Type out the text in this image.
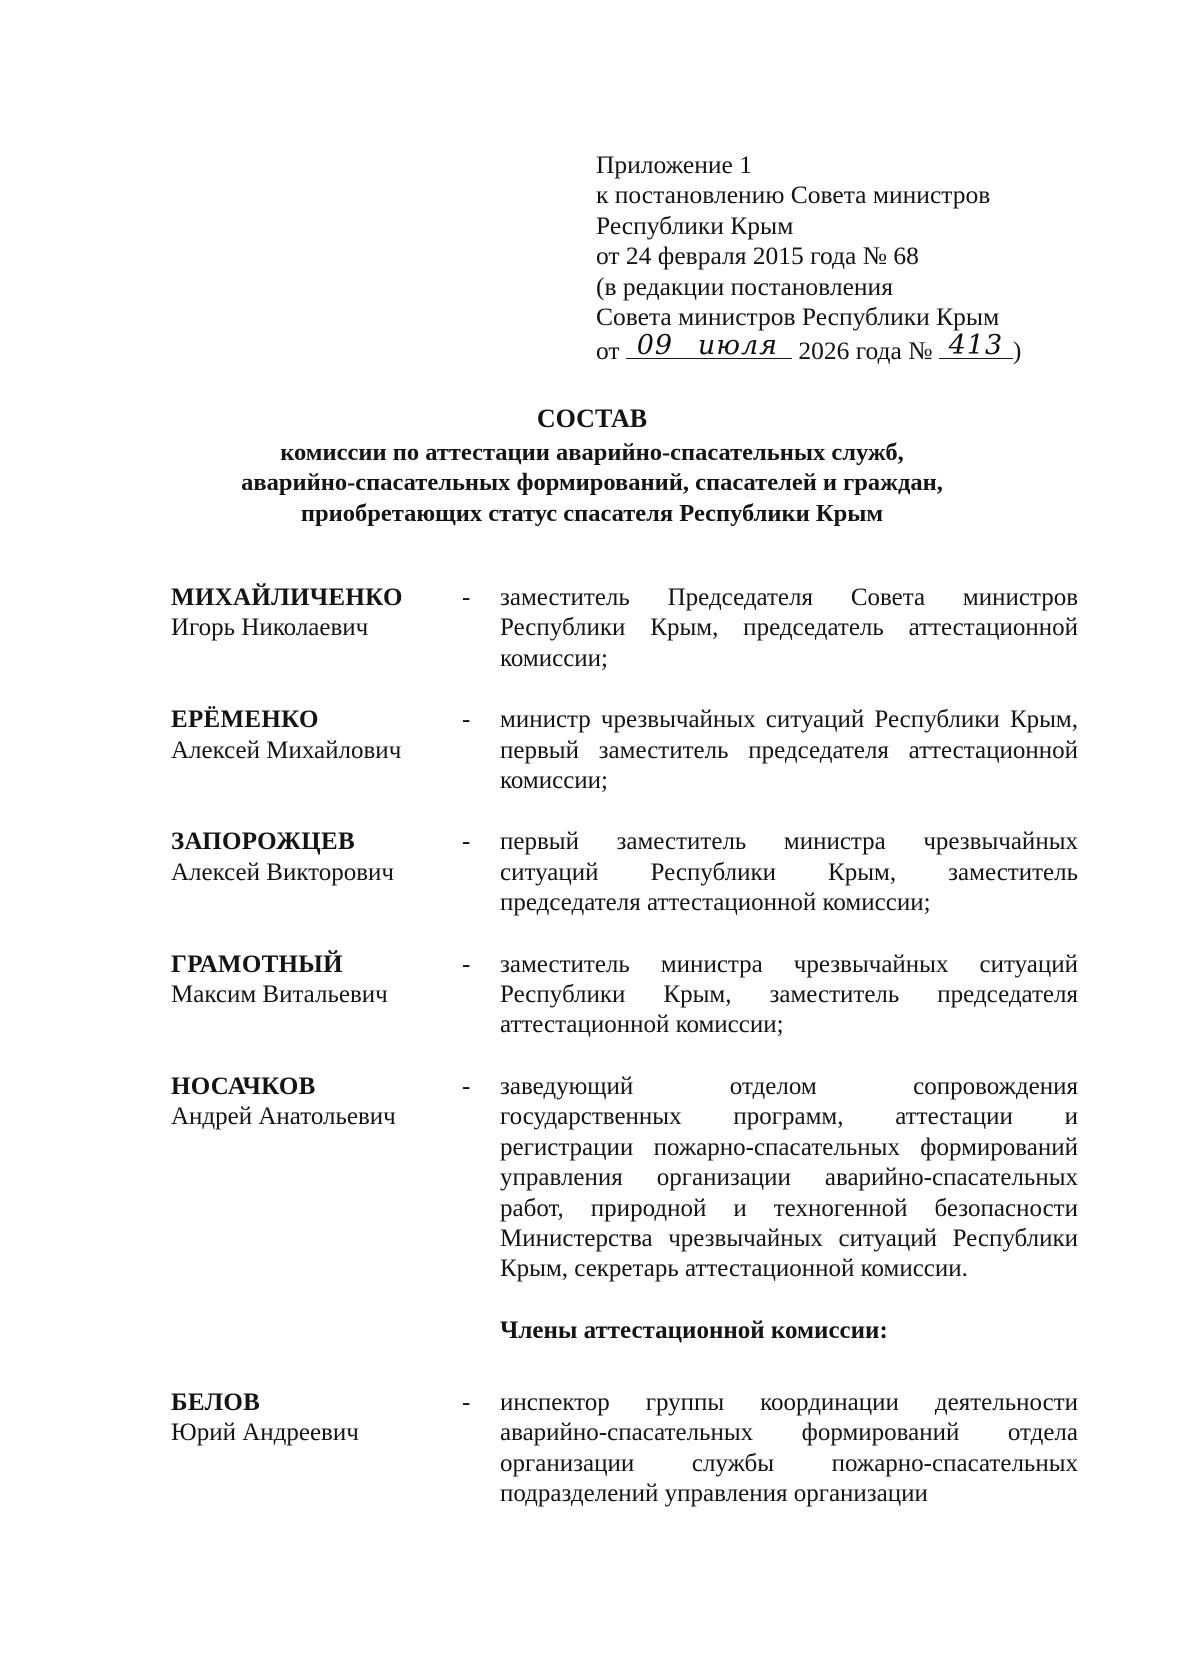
Приложение 1
к постановлению Совета министров
Республики Крым
от 24 февраля 2015 года № 68
(в редакции постановления
Совета министров Республики Крым
от 09 июля 2026 года № 413 )
СОСТАВ
комиссии по аттестации аварийно-спасательных служб,
аварийно-спасательных формирований, спасателей и граждан,
приобретающих статус спасателя Республики Крым
МИХАЙЛИЧЕНКО
Игорь Николаевич
- заместитель Председателя Совета министров Республики Крым, председатель аттестационной комиссии;
ЕРЁМЕНКО
Алексей Михайлович
- министр чрезвычайных ситуаций Республики Крым, первый заместитель председателя аттестационной комиссии;
ЗАПОРОЖЦЕВ
Алексей Викторович
- первый заместитель министра чрезвычайных ситуаций Республики Крым, заместитель председателя аттестационной комиссии;
ГРАМОТНЫЙ
Максим Витальевич
- заместитель министра чрезвычайных ситуаций Республики Крым, заместитель председателя аттестационной комиссии;
НОСАЧКОВ
Андрей Анатольевич
- заведующий отделом сопровождения государственных программ, аттестации и регистрации пожарно-спасательных формирований управления организации аварийно-спасательных работ, природной и техногенной безопасности Министерства чрезвычайных ситуаций Республики Крым, секретарь аттестационной комиссии.
Члены аттестационной комиссии:
БЕЛОВ
Юрий Андреевич
- инспектор группы координации деятельности аварийно-спасательных формирований отдела организации службы пожарно-спасательных подразделений управления организации
